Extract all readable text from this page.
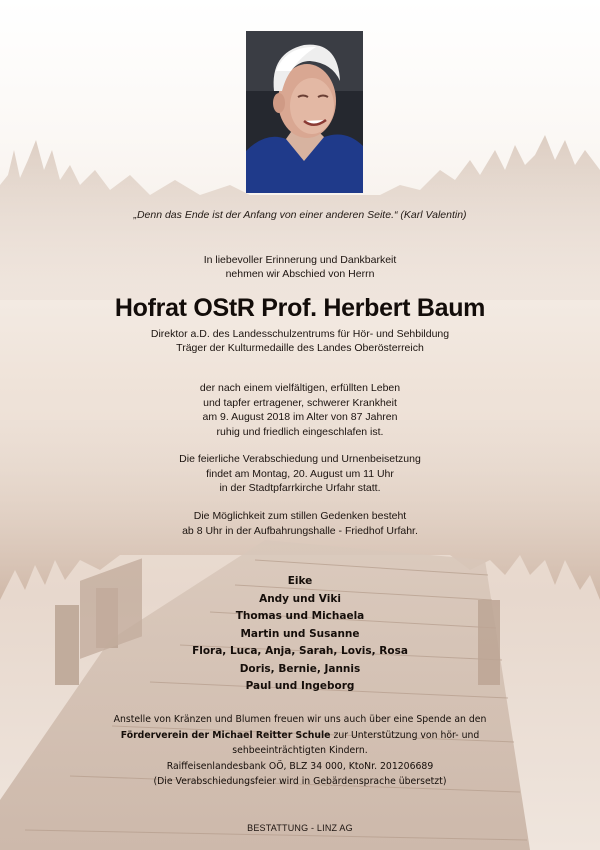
„Denn das Ende ist der Anfang von einer anderen Seite.“ (Karl Valentin)
In liebevoller Erinnerung und Dankbarkeit
nehmen wir Abschied von Herrn
Hofrat OStR Prof. Herbert Baum
Direktor a.D. des Landesschulzentrums für Hör- und Sehbildung
Träger der Kulturmedaille des Landes Oberösterreich
der nach einem vielfältigen, erfüllten Leben
und tapfer ertragener, schwerer Krankheit
am 9. August 2018 im Alter von 87 Jahren
ruhig und friedlich eingeschlafen ist.
Die feierliche Verabschiedung und Urnenbeisetzung
findet am Montag, 20. August um 11 Uhr
in der Stadtpfarrkirche Urfahr statt.
Die Möglichkeit zum stillen Gedenken besteht
ab 8 Uhr in der Aufbahrungshalle - Friedhof Urfahr.
Eike
Andy und Viki
Thomas und Michaela
Martin und Susanne
Flora, Luca, Anja, Sarah, Lovis, Rosa
Doris, Bernie, Jannis
Paul und Ingeborg
Anstelle von Kränzen und Blumen freuen wir uns auch über eine Spende an den
Förderverein der Michael Reitter Schule zur Unterstützung von hör- und
sehbeeinträchtigten Kindern.
Raiffeisenlandesbank OÖ, BLZ 34 000, KtoNr. 201206689
(Die Verabschiedungsfeier wird in Gebärdensprache übersetzt)
BESTATTUNG - LINZ AG
